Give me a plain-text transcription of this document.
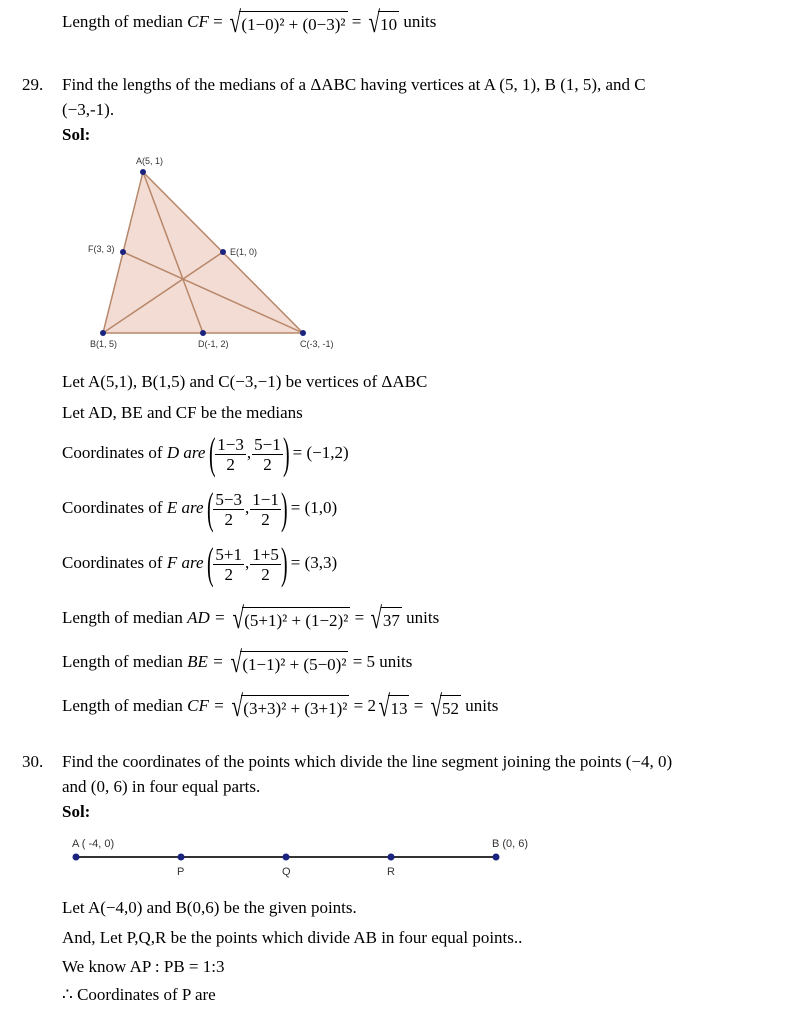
Length of median CF = √ (1−0)² + (0−3)² = √ 10 units
29. Find the lengths of the medians of a ΔABC having vertices at A (5, 1), B (1, 5), and C
(−3,-1).
Sol:
A(5, 1)
B(1, 5)	C(-3, -1)
D(-1, 2)
E(1, 0)
F(3, 3)
Let A(5,1), B(1,5) and C(−3,−1) be vertices of ΔABC
Let AD, BE and CF be the medians
Coordinates of D are ( $\frac{1-3}{2}$ , $\frac{5-1}{2}$ ) = (−1,2)
Coordinates of E are ( $\frac{5-3}{2}$ , $\frac{1-1}{2}$ ) = (1,0)
Coordinates of F are ( $\frac{5+1}{2}$ , $\frac{1+5}{2}$ ) = (3,3)
Length of median AD = √ (5+1)² + (1−2)² = √ 37 units
Length of median BE = √ (1−1)² + (5−0)² = 5 units
Length of median CF = √ (3+3)² + (3+1)² = 2 √ 13 = √ 52 units
30. Find the coordinates of the points which divide the line segment joining the points (−4, 0)
and (0, 6) in four equal parts.
Sol:
A ( -4, 0)	B (0, 6)
P	Q	R
Let A(−4,0) and B(0,6) be the given points.
And, Let P,Q,R be the points which divide AB in four equal points..
We know AP : PB = 1:3
∴ Coordinates of P are
